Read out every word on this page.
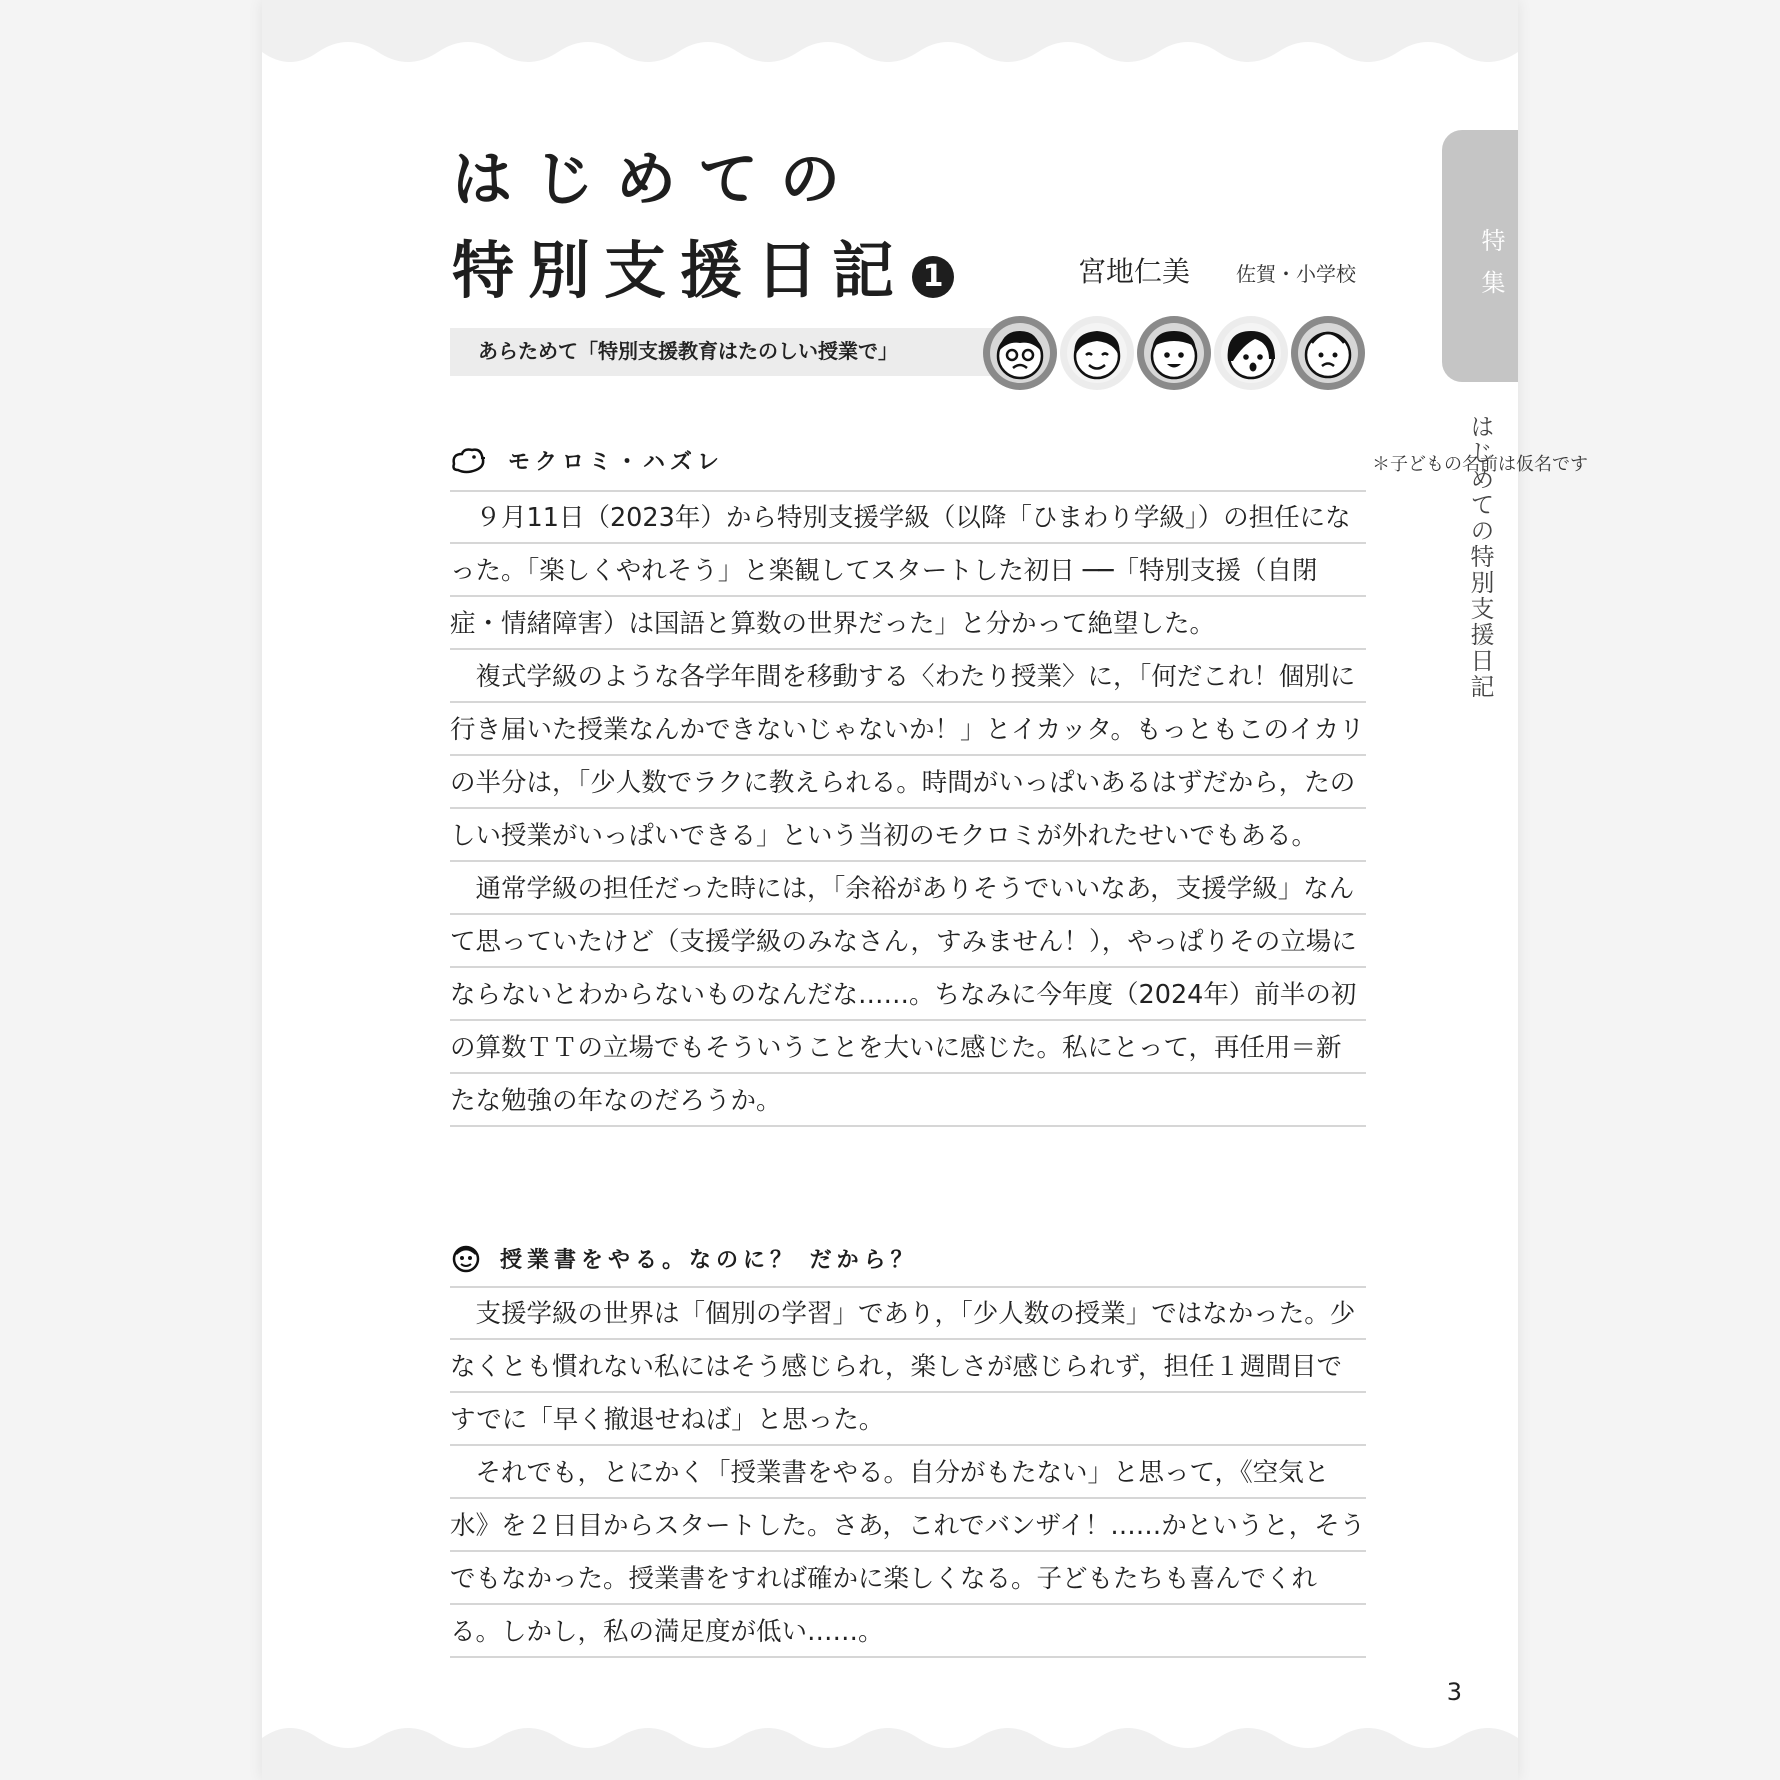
はじめての
特別支援日記 1	宮地仁美 佐賀・小学校
あらためて「特別支援教育はたのしい授業で」
モクロミ・ハズレ	＊子どもの名前は仮名です

９月11日（2023年）から特別支援学級（以降「ひまわり学級」）の担任になった。「楽しくやれそう」と楽観してスタートした初日 ──「特別支援（自閉症・情緒障害）は国語と算数の世界だった」と分かって絶望した。

複式学級のような各学年間を移動する〈わたり授業〉に，「何だこれ！個別に行き届いた授業なんかできないじゃないか！」とイカッタ。もっともこのイカリの半分は，「少人数でラクに教えられる。時間がいっぱいあるはずだから，たのしい授業がいっぱいできる」という当初のモクロミが外れたせいでもある。

通常学級の担任だった時には，「余裕がありそうでいいなあ，支援学級」なんて思っていたけど（支援学級のみなさん，すみません！），やっぱりその立場にならないとわからないものなんだな……。ちなみに今年度（2024年）前半の初の算数ＴＴの立場でもそういうことを大いに感じた。私にとって，再任用＝新たな勉強の年なのだろうか。

授業書をやる。なのに？ だから？

支援学級の世界は「個別の学習」であり，「少人数の授業」ではなかった。少なくとも慣れない私にはそう感じられ，楽しさが感じられず，担任１週間目ですでに「早く撤退せねば」と思った。

それでも，とにかく「授業書をやる。自分がもたない」と思って，《空気と水》を２日目からスタートした。さあ，これでバンザイ！……かというと，そうでもなかった。授業書をすれば確かに楽しくなる。子どもたちも喜んでくれる。しかし，私の満足度が低い……。

特集
はじめての特別支援日記
3
